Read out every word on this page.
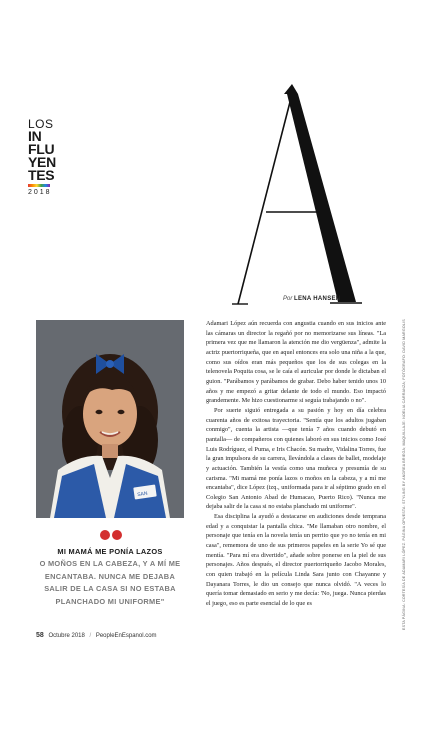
LOS
IN
FLU
YEN
TES
2018
Por LENA HANSEN
SAN
MI MAMÁ ME PONÍA LAZOS
O MOÑOS EN LA CABEZA, Y A MÍ ME ENCANTABA. NUNCA ME DEJABA SALIR DE LA CASA SI NO ESTABA PLANCHADO MI UNIFORME"

Adamari López aún recuerda con angustia cuando en sus inicios ante las cámaras un director la regañó por no memorizarse sus líneas. "La primera vez que me llamaron la atención me dio vergüenza", admite la actriz puertorriqueña, que en aquel entonces era solo una niña a la que, como sus oídos eran más pequeños que los de sus colegas en la telenovela Poquita cosa, se le caía el auricular por donde le dictaban el guion. "Parábamos y parábamos de grabar. Debo haber tenido unos 10 años y me empezó a gritar delante de todo el mundo. Eso impactó grandemente. Me hizo cuestionarme si seguía trabajando o no".

Por suerte siguió entregada a su pasión y hoy en día celebra cuarenta años de exitosa trayectoria. "Sentía que los adultos jugaban conmigo", cuenta la artista —que tenía 7 años cuando debutó en pantalla— de compañeros con quienes laboró en sus inicios como José Luis Rodríguez, el Puma, e Iris Chacón. Su madre, Vidalina Torres, fue la gran impulsora de su carrera, llevándola a clases de ballet, modelaje y actuación. También la vestía como una muñeca y presumía de su carisma. "Mi mamá me ponía lazos o moños en la cabeza, y a mí me encantaba", dice López (izq., uniformada para ir al séptimo grado en el Colegio San Antonio Abad de Humacao, Puerto Rico). "Nunca me dejaba salir de la casa si no estaba planchado mi uniforme".

Esa disciplina la ayudó a destacarse en audiciones desde temprana edad y a conquistar la pantalla chica. "Me llamaban otro nombre, el personaje que tenía en la novela tenía un perrito que yo no tenía en mi casa", rememora de uno de sus primeros papeles en la serie Yo sé que mentía. "Para mí era divertido", añade sobre ponerse en la piel de sus personajes. Años después, el director puertorriqueño Jacobo Morales, con quien trabajó en la película Linda Sara junto con Chayanne y Dayanara Torres, le dio un consejo que nunca olvidó. "A veces lo quería tomar demasiado en serio y me decía: 'No, juega. Nunca pierdas el juego, eso es parte esencial de lo que es	ESTA PÁGINA: CORTESÍA DE ADAMARI LÓPEZ. PÁGINA OPUESTA: STYLING BY ANDREA BRIEGA; MAQUILLAJE: NOELIA CARRANZA; FOTÓGRAFO: DAVID MARGOLIS
58 Octubre 2018 / PeopleEnEspanol.com
